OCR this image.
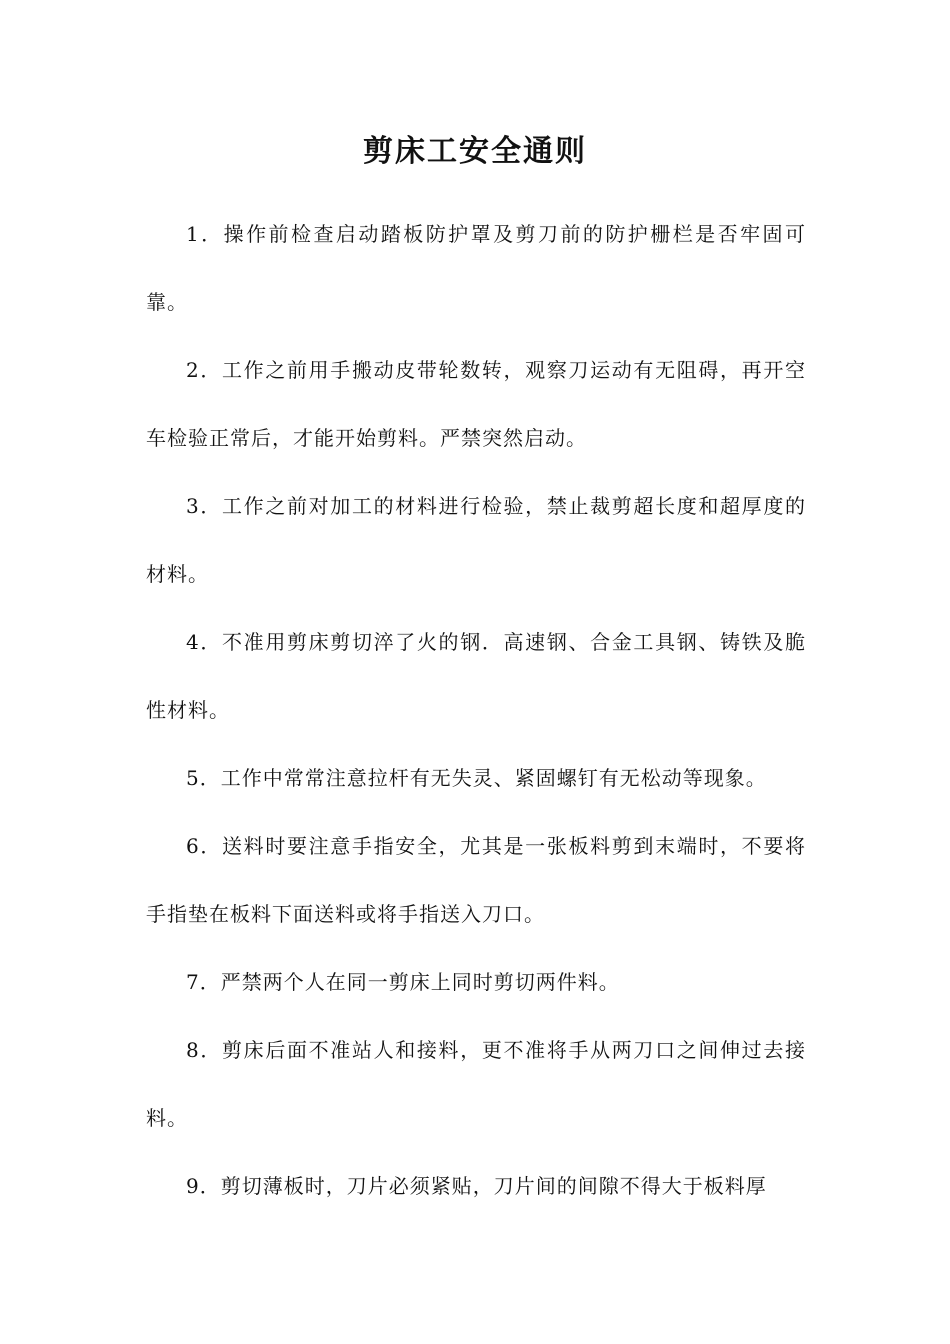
剪床工安全通则

1．操作前检查启动踏板防护罩及剪刀前的防护栅栏是否牢固可靠。

2．工作之前用手搬动皮带轮数转，观察刀运动有无阻碍，再开空车检验正常后，才能开始剪料。严禁突然启动。

3．工作之前对加工的材料进行检验，禁止裁剪超长度和超厚度的材料。

4．不准用剪床剪切淬了火的钢．高速钢、合金工具钢、铸铁及脆性材料。

5．工作中常常注意拉杆有无失灵、紧固螺钉有无松动等现象。

6．送料时要注意手指安全，尤其是一张板料剪到末端时，不要将手指垫在板料下面送料或将手指送入刀口。

7．严禁两个人在同一剪床上同时剪切两件料。

8．剪床后面不准站人和接料，更不准将手从两刀口之间伸过去接料。

9．剪切薄板时，刀片必须紧贴，刀片间的间隙不得大于板料厚
